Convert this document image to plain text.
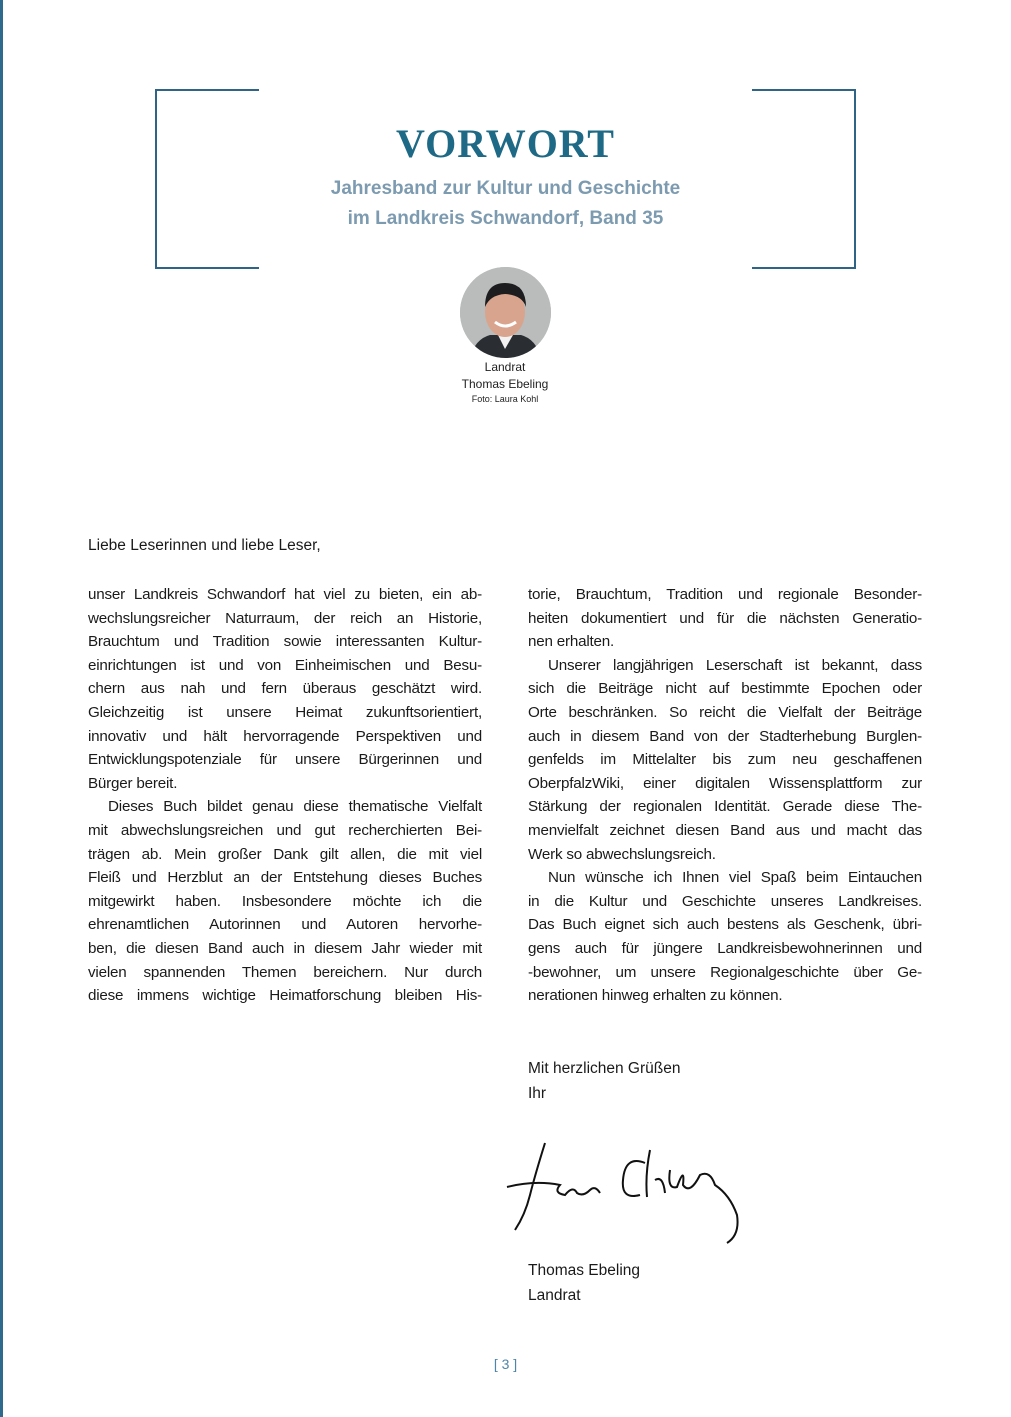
VORWORT
Jahresband zur Kultur und Geschichte
im Landkreis Schwandorf, Band 35
Landrat
Thomas Ebeling
Foto: Laura Kohl
Liebe Leserinnen und liebe Leser,
unser Landkreis Schwandorf hat viel zu bieten, ein ab-
wechslungsreicher Naturraum, der reich an Historie,
Brauchtum und Tradition sowie interessanten Kultur-
einrichtungen ist und von Einheimischen und Besu-
chern aus nah und fern überaus geschätzt wird.
Gleichzeitig ist unsere Heimat zukunftsorientiert,
innovativ und hält hervorragende Perspektiven und
Entwicklungspotenziale für unsere Bürgerinnen und
Bürger bereit.
Dieses Buch bildet genau diese thematische Vielfalt
mit abwechslungsreichen und gut recherchierten Bei-
trägen ab. Mein großer Dank gilt allen, die mit viel
Fleiß und Herzblut an der Entstehung dieses Buches
mitgewirkt haben. Insbesondere möchte ich die
ehrenamtlichen Autorinnen und Autoren hervorhe-
ben, die diesen Band auch in diesem Jahr wieder mit
vielen spannenden Themen bereichern. Nur durch
diese immens wichtige Heimatforschung bleiben His-
torie, Brauchtum, Tradition und regionale Besonder-
heiten dokumentiert und für die nächsten Generatio-
nen erhalten.
Unserer langjährigen Leserschaft ist bekannt, dass
sich die Beiträge nicht auf bestimmte Epochen oder
Orte beschränken. So reicht die Vielfalt der Beiträge
auch in diesem Band von der Stadterhebung Burglen-
genfelds im Mittelalter bis zum neu geschaffenen
OberpfalzWiki, einer digitalen Wissensplattform zur
Stärkung der regionalen Identität. Gerade diese The-
menvielfalt zeichnet diesen Band aus und macht das
Werk so abwechslungsreich.
Nun wünsche ich Ihnen viel Spaß beim Eintauchen
in die Kultur und Geschichte unseres Landkreises.
Das Buch eignet sich auch bestens als Geschenk, übri-
gens auch für jüngere Landkreisbewohnerinnen und
-bewohner, um unsere Regionalgeschichte über Ge-
nerationen hinweg erhalten zu können.
Mit herzlichen Grüßen
Ihr
Thomas Ebeling
Landrat
[ 3 ]
